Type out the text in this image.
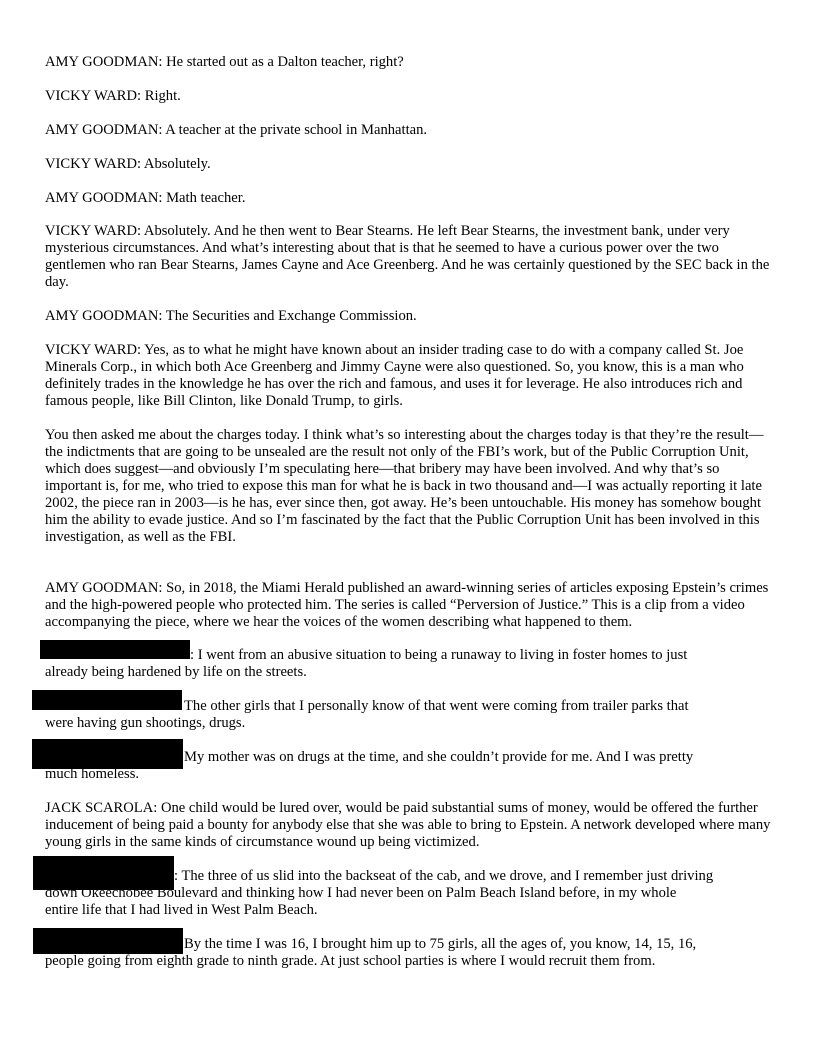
AMY GOODMAN: He started out as a Dalton teacher, right?

VICKY WARD: Right.

AMY GOODMAN: A teacher at the private school in Manhattan.

VICKY WARD: Absolutely.

AMY GOODMAN: Math teacher.

VICKY WARD: Absolutely. And he then went to Bear Stearns. He left Bear Stearns, the investment bank, under very mysterious circumstances. And what’s interesting about that is that he seemed to have a curious power over the two gentlemen who ran Bear Stearns, James Cayne and Ace Greenberg. And he was certainly questioned by the SEC back in the day.

AMY GOODMAN: The Securities and Exchange Commission.

VICKY WARD: Yes, as to what he might have known about an insider trading case to do with a company called St. Joe Minerals Corp., in which both Ace Greenberg and Jimmy Cayne were also questioned. So, you know, this is a man who definitely trades in the knowledge he has over the rich and famous, and uses it for leverage. He also introduces rich and famous people, like Bill Clinton, like Donald Trump, to girls.

You then asked me about the charges today. I think what’s so interesting about the charges today is that they’re the result—the indictments that are going to be unsealed are the result not only of the FBI’s work, but of the Public Corruption Unit, which does suggest—and obviously I’m speculating here—that bribery may have been involved. And why that’s so important is, for me, who tried to expose this man for what he is back in two thousand and—I was actually reporting it late 2002, the piece ran in 2003—is he has, ever since then, got away. He’s been untouchable. His money has somehow bought him the ability to evade justice. And so I’m fascinated by the fact that the Public Corruption Unit has been involved in this investigation, as well as the FBI.

AMY GOODMAN: So, in 2018, the Miami Herald published an award-winning series of articles exposing Epstein’s crimes and the high-powered people who protected him. The series is called “Perversion of Justice.” This is a clip from a video accompanying the piece, where we hear the voices of the women describing what happened to them.

: I went from an abusive situation to being a runaway to living in foster homes to just

already being hardened by life on the streets.

The other girls that I personally know of that went were coming from trailer parks that

were having gun shootings, drugs.

My mother was on drugs at the time, and she couldn’t provide for me. And I was pretty

much homeless.

JACK SCAROLA: One child would be lured over, would be paid substantial sums of money, would be offered the further inducement of being paid a bounty for anybody else that she was able to bring to Epstein. A network developed where many young girls in the same kinds of circumstance wound up being victimized.

: The three of us slid into the backseat of the cab, and we drove, and I remember just driving

down Okeechobee Boulevard and thinking how I had never been on Palm Beach Island before, in my whole

entire life that I had lived in West Palm Beach.

By the time I was 16, I brought him up to 75 girls, all the ages of, you know, 14, 15, 16,

people going from eighth grade to ninth grade. At just school parties is where I would recruit them from.
